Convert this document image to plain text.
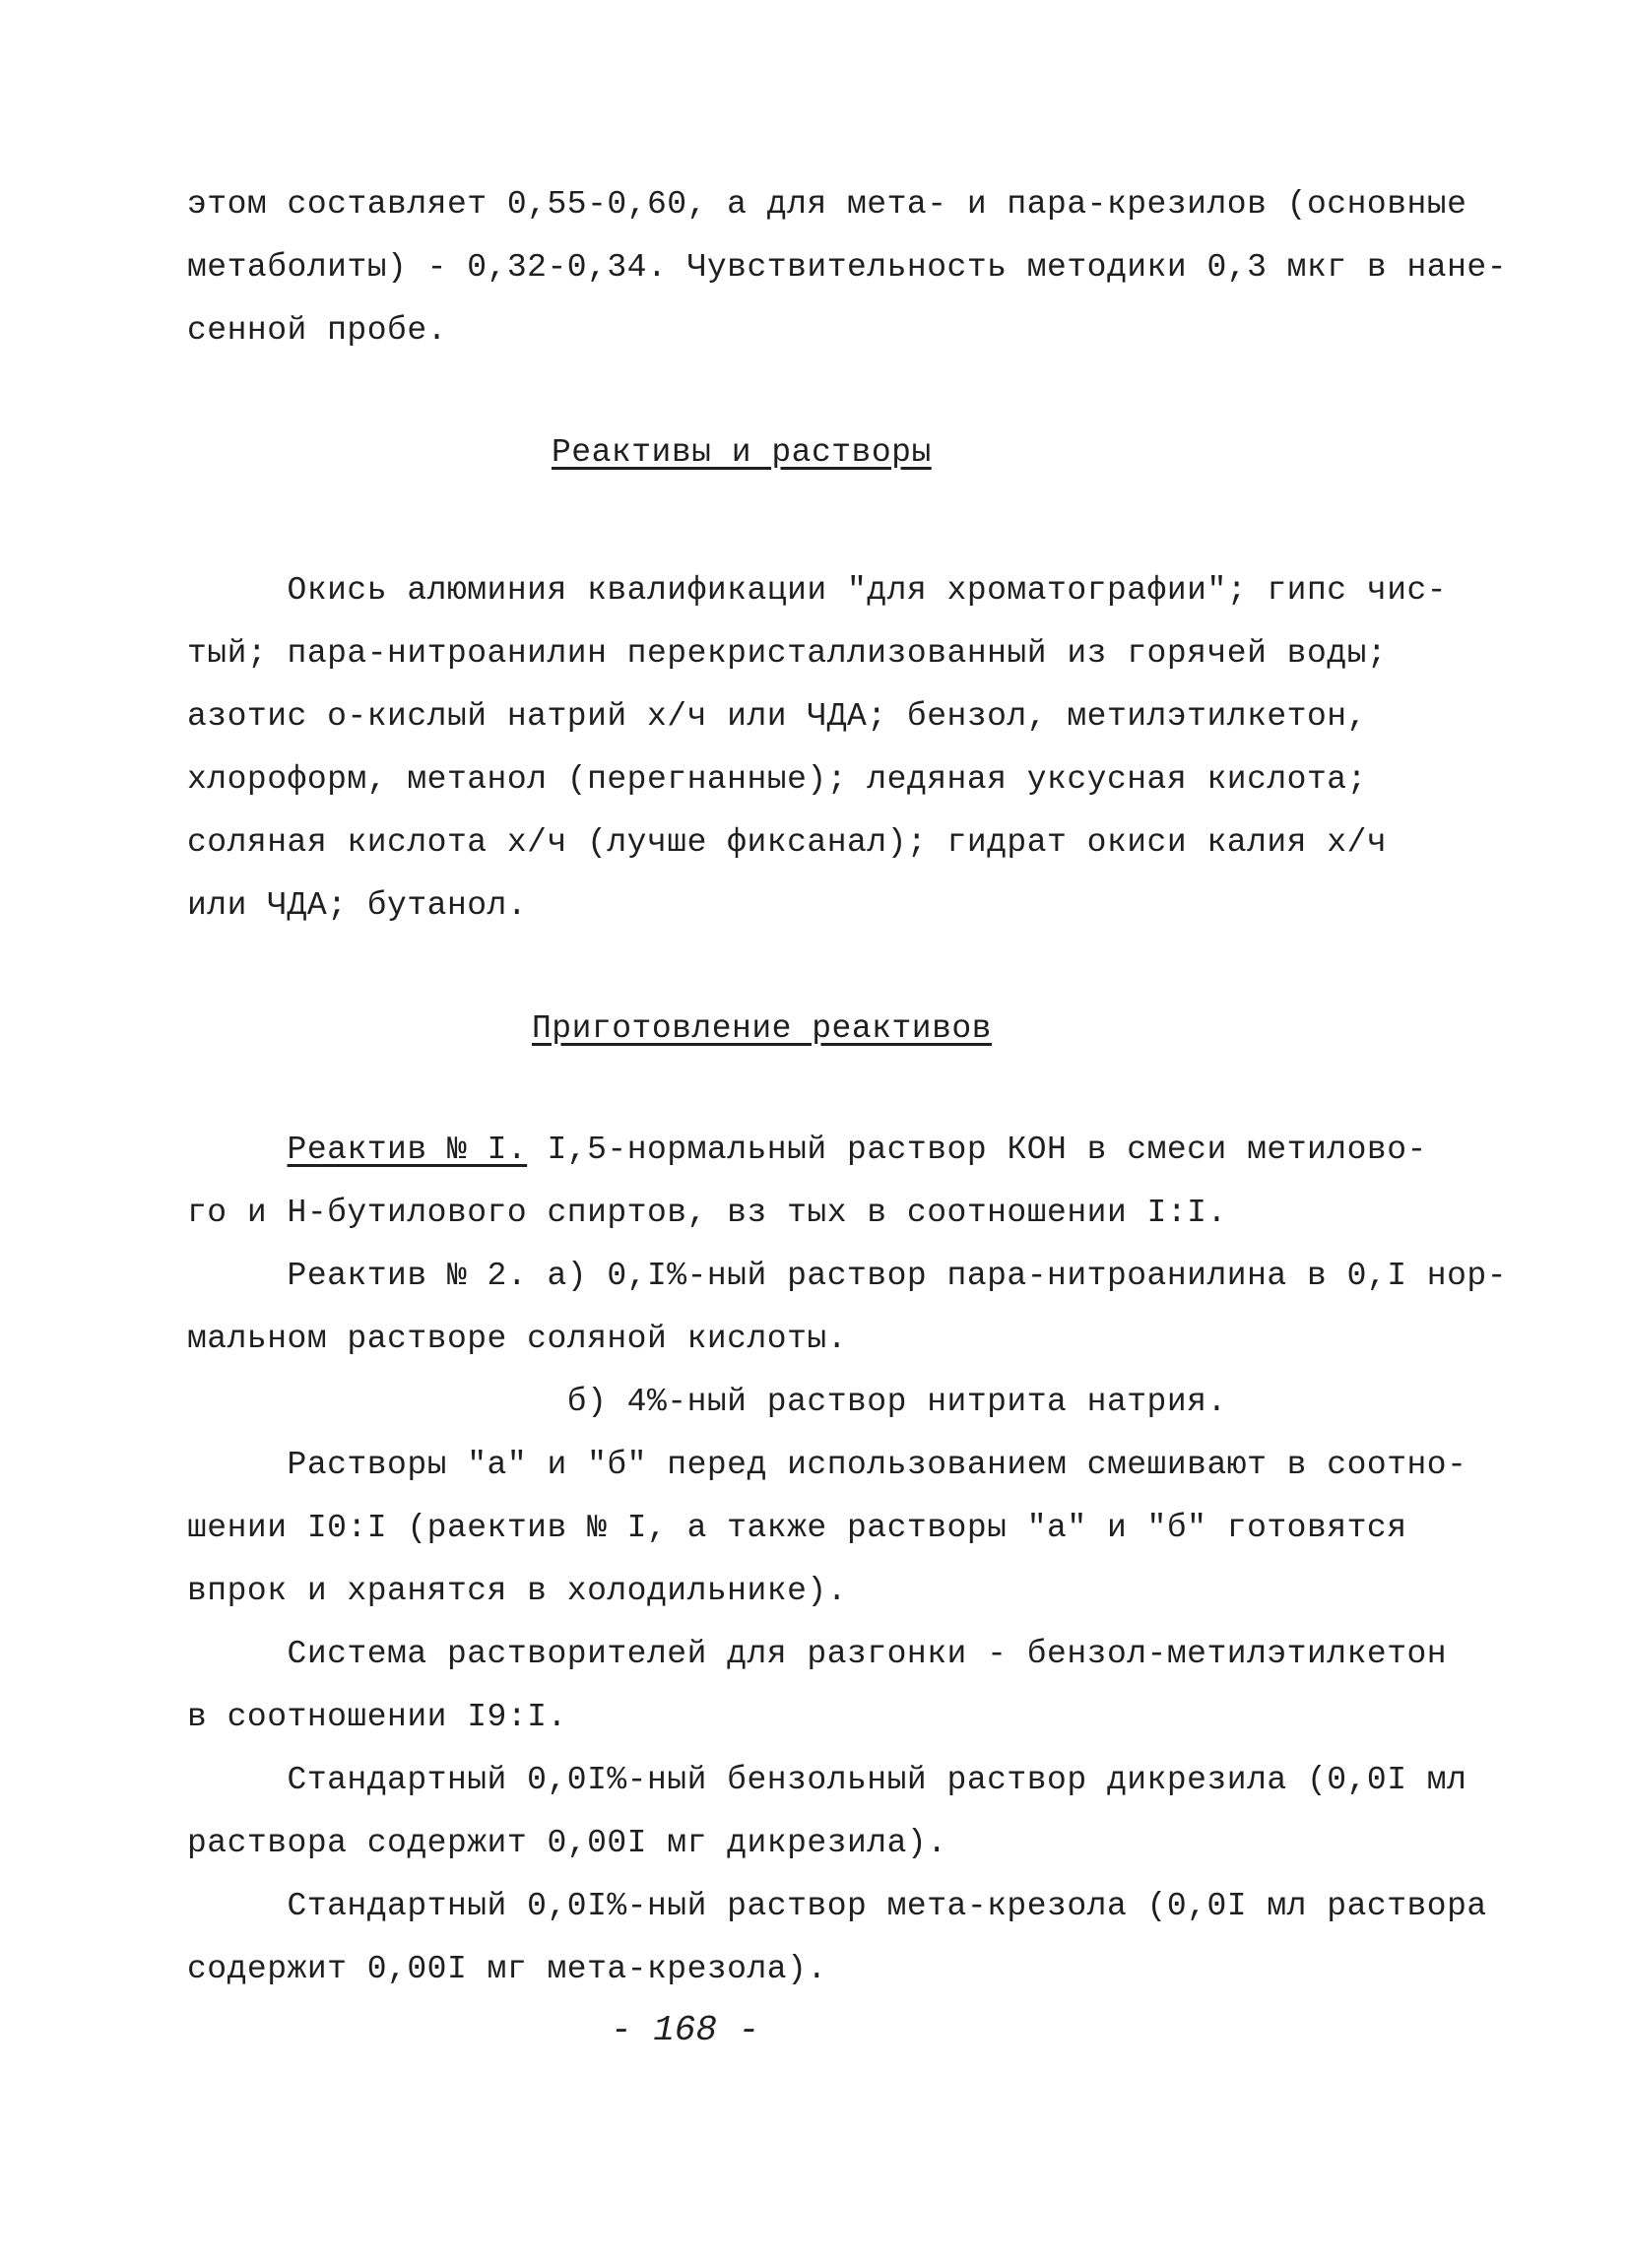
этом составляет 0,55-0,60, а для мета- и пара-крезилов (основные
метаболиты) - 0,32-0,34. Чувствительность методики 0,3 мкг в нане-
сенной пробе.
Реактивы и растворы
Окись алюминия квалификации "для хроматографии"; гипс чис-
тый; пара-нитроанилин перекристаллизованный из горячей воды;
азотис о-кислый натрий х/ч или ЧДА; бензол, метилэтилкетон,
хлороформ, метанол (перегнанные); ледяная уксусная кислота;
соляная кислота х/ч (лучше фиксанал); гидрат окиси калия х/ч
или ЧДА; бутанол.
Приготовление реактивов
Реактив № I. I,5-нормальный раствор КОН в смеси метилово-
го и Н-бутилового спиртов, вз тых в соотношении I:I.
Реактив № 2. а) 0,I%-ный раствор пара-нитроанилина в 0,I нор-
мальном растворе соляной кислоты.
б) 4%-ный раствор нитрита натрия.
Растворы "а" и "б" перед использованием смешивают в соотно-
шении I0:I (раектив № I, а также растворы "а" и "б" готовятся
впрок и хранятся в холодильнике).
Система растворителей для разгонки - бензол-метилэтилкетон
в соотношении I9:I.
Стандартный 0,0I%-ный бензольный раствор дикрезила (0,0I мл
раствора содержит 0,00I мг дикрезила).
Стандартный 0,0I%-ный раствор мета-крезола (0,0I мл раствора
содержит 0,00I мг мета-крезола).
- 168 -
